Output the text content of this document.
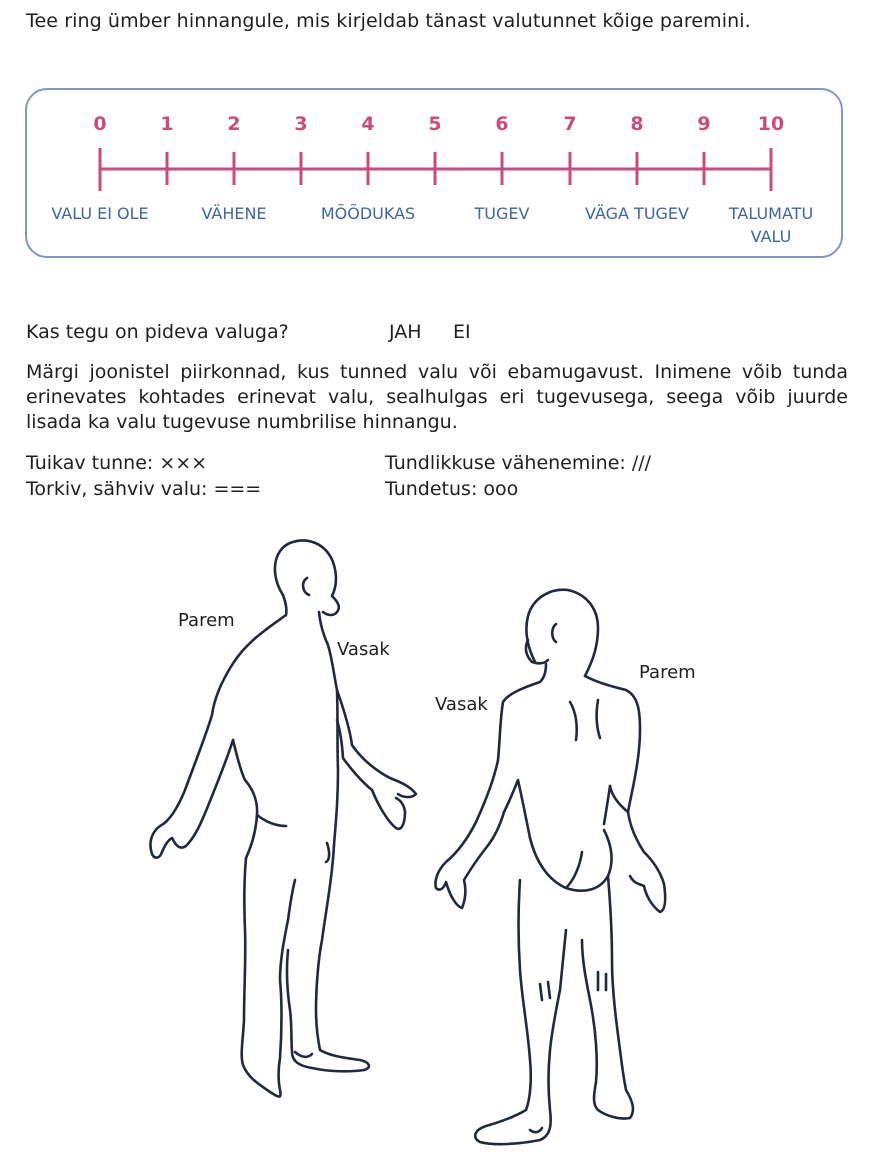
Tee ring ümber hinnangule, mis kirjeldab tänast valutunnet kõige paremini.
0	1	2	3	4	5	6	7	8	9 10
VALU EI OLE	VÄHENE	MÕÕDUKAS	TUGEV	VÄGA TUGEV TALUMATU
VALU
Kas tegu on pideva valuga?	JAH EI
Märgi joonistel piirkonnad, kus tunned valu või ebamugavust. Inimene võib tunda erinevates kohtades erinevat valu, sealhulgas eri tugevusega, seega võib juurde lisada ka valu tugevuse numbrilise hinnangu.
Tuikav tunne: ×××
Torkiv, sähviv valu: ===
Tundlikkuse vähenemine: ///
Tundetus: ooo
Parem
Vasak
Vasak
Parem
